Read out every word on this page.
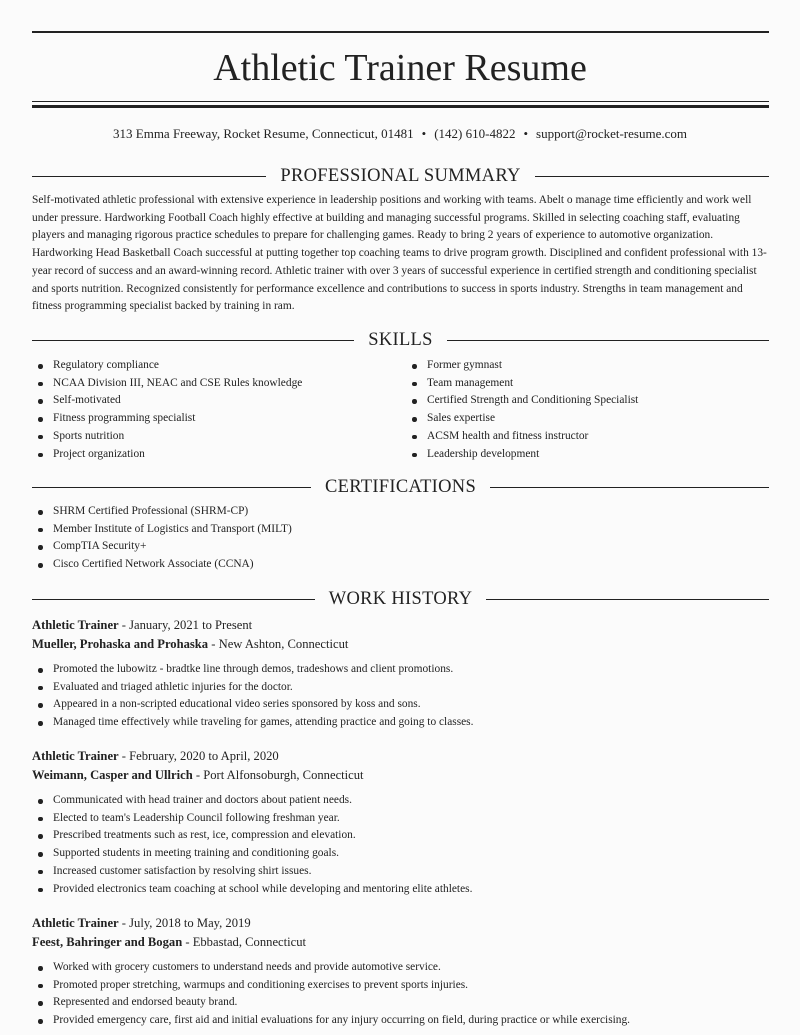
Athletic Trainer Resume
313 Emma Freeway, Rocket Resume, Connecticut, 01481 • (142) 610-4822 • support@rocket-resume.com
PROFESSIONAL SUMMARY

Self-motivated athletic professional with extensive experience in leadership positions and working with teams. Abelt o manage time efficiently and work well under pressure. Hardworking Football Coach highly effective at building and managing successful programs. Skilled in selecting coaching staff, evaluating players and managing rigorous practice schedules to prepare for challenging games. Ready to bring 2 years of experience to automotive organization. Hardworking Head Basketball Coach successful at putting together top coaching teams to drive program growth. Disciplined and confident professional with 13-year record of success and an award-winning record. Athletic trainer with over 3 years of successful experience in certified strength and conditioning specialist and sports nutrition. Recognized consistently for performance excellence and contributions to success in sports industry. Strengths in team management and fitness programming specialist backed by training in ram.

SKILLS
Regulatory compliance
NCAA Division III, NEAC and CSE Rules knowledge
Self-motivated
Fitness programming specialist
Sports nutrition
Project organization
Former gymnast
Team management
Certified Strength and Conditioning Specialist
Sales expertise
ACSM health and fitness instructor
Leadership development
CERTIFICATIONS
SHRM Certified Professional (SHRM-CP)
Member Institute of Logistics and Transport (MILT)
CompTIA Security+
Cisco Certified Network Associate (CCNA)
WORK HISTORY
Athletic Trainer - January, 2021 to Present
Mueller, Prohaska and Prohaska - New Ashton, Connecticut
Promoted the lubowitz - bradtke line through demos, tradeshows and client promotions.
Evaluated and triaged athletic injuries for the doctor.
Appeared in a non-scripted educational video series sponsored by koss and sons.
Managed time effectively while traveling for games, attending practice and going to classes.
Athletic Trainer - February, 2020 to April, 2020
Weimann, Casper and Ullrich - Port Alfonsoburgh, Connecticut
Communicated with head trainer and doctors about patient needs.
Elected to team's Leadership Council following freshman year.
Prescribed treatments such as rest, ice, compression and elevation.
Supported students in meeting training and conditioning goals.
Increased customer satisfaction by resolving shirt issues.
Provided electronics team coaching at school while developing and mentoring elite athletes.
Athletic Trainer - July, 2018 to May, 2019
Feest, Bahringer and Bogan - Ebbastad, Connecticut
Worked with grocery customers to understand needs and provide automotive service.
Promoted proper stretching, warmups and conditioning exercises to prevent sports injuries.
Represented and endorsed beauty brand.
Provided emergency care, first aid and initial evaluations for any injury occurring on field, during practice or while exercising.
